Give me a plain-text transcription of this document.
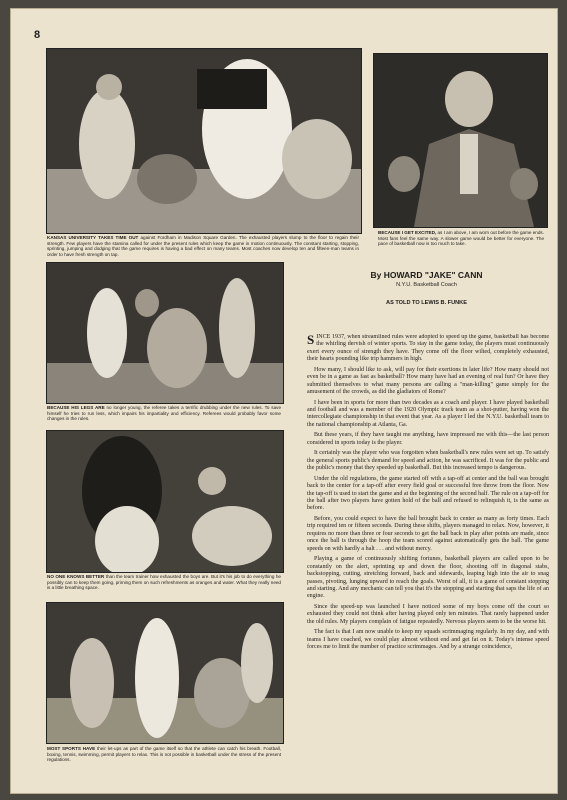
8

KANSAS UNIVERSITY TAKES TIME OUT against Fordham in Madison Square Garden. The exhausted players slump to the floor to regain their strength. Few players have the stamina called for under the present rules which keep the game in motion continuously. The constant starting, stopping, sprinting, jumping and dodging that the game requires is having a bad effect on many teams. Most coaches now develop ten and fifteen-man teams in order to have fresh strength on tap.

BECAUSE I GET EXCITED, as I am above, I am worn out before the game ends. Most fans feel the same way. A slower game would be better for everyone. The pace of basketball now is too much to take.

BECAUSE HIS LEGS ARE no longer young, the referee takes a terrific drubbing under the new rules. To save himself he tries to run less, which impairs his impartiality and efficiency. Referees would probably favor some changes in the rules.

NO ONE KNOWS BETTER than the team trainer how exhausted the boys are. But it's his job to do everything he possibly can to keep them going, priming them on such refreshments as oranges and water. What they really need is a little breathing space.

MOST SPORTS HAVE their let-ups as part of the game itself so that the athlete can catch his breath. Football, boxing, tennis, swimming, permit players to relax. This is not possible in basketball under the stress of the present regulations.

By HOWARD "JAKE" CANN
N.Y.U. Basketball Coach
AS TOLD TO LEWIS B. FUNKE

SINCE 1937, when streamlined rules were adopted to speed up the game, basketball has become the whirling dervish of winter sports. To stay in the game today, the players must continuously exert every ounce of strength they have. They come off the floor wilted, completely exhausted, their hearts pounding like trip hammers in high.

How many, I should like to ask, will pay for their exertions in later life? How many should not even be in a game as fast as basketball? How many have had an evening of real fun? Or have they submitted themselves to what many persons are calling a "man-killing" game simply for the amusement of the crowds, as did the gladiators of Rome?

I have been in sports for more than two decades as a coach and player. I have played basketball and football and was a member of the 1920 Olympic track team as a shot-putter, having won the intercollegiate championship in that event that year. As a player I led the N.Y.U. basketball team to the national championship at Atlanta, Ga.

But these years, if they have taught me anything, have impressed me with this—the last person considered in sports today is the player.

It certainly was the player who was forgotten when basketball's new rules were set up. To satisfy the general sports public's demand for speed and action, he was sacrificed. It was for the public and the public's money that they speeded up basketball. But this increased tempo is dangerous.

Under the old regulations, the game started off with a tap-off at center and the ball was brought back to the center for a tap-off after every field goal or successful free throw from the floor. Now the tap-off is used to start the game and at the beginning of the second half. The rule on a tap-off for the ball after two players have gotten hold of the ball and refused to relinquish it, is the same as before.

Before, you could expect to have the ball brought back to center as many as forty times. Each trip required ten or fifteen seconds. During these shifts, players managed to relax. Now, however, it requires no more than three or four seconds to get the ball back in play after points are made, since once the ball is through the hoop the team scored against automatically gets the ball. The game speeds on with hardly a halt . . . and without mercy.

Playing a game of continuously shifting fortunes, basketball players are called upon to be constantly on the alert, sprinting up and down the floor, shooting off in diagonal stabs, backstopping, cutting, stretching forward, back and sidewards, leaping high into the air to snag passes, pivoting, lunging upward to reach the goals. Worst of all, it is a game of constant stopping and starting. And any mechanic can tell you that it's the stopping and starting that saps the life of an engine.

Since the speed-up was launched I have noticed some of my boys come off the court so exhausted they could not think after having played only ten minutes. That rarely happened under the old rules. My players complain of fatigue repeatedly. Nervous players seem to be the worse hit.

The fact is that I am now unable to keep my squads scrimmaging regularly. In my day, and with teams I have coached, we could play almost without end and get fat on it. Today's intense speed forces me to limit the number of practice scrimmages. And by a strange coincidence,
